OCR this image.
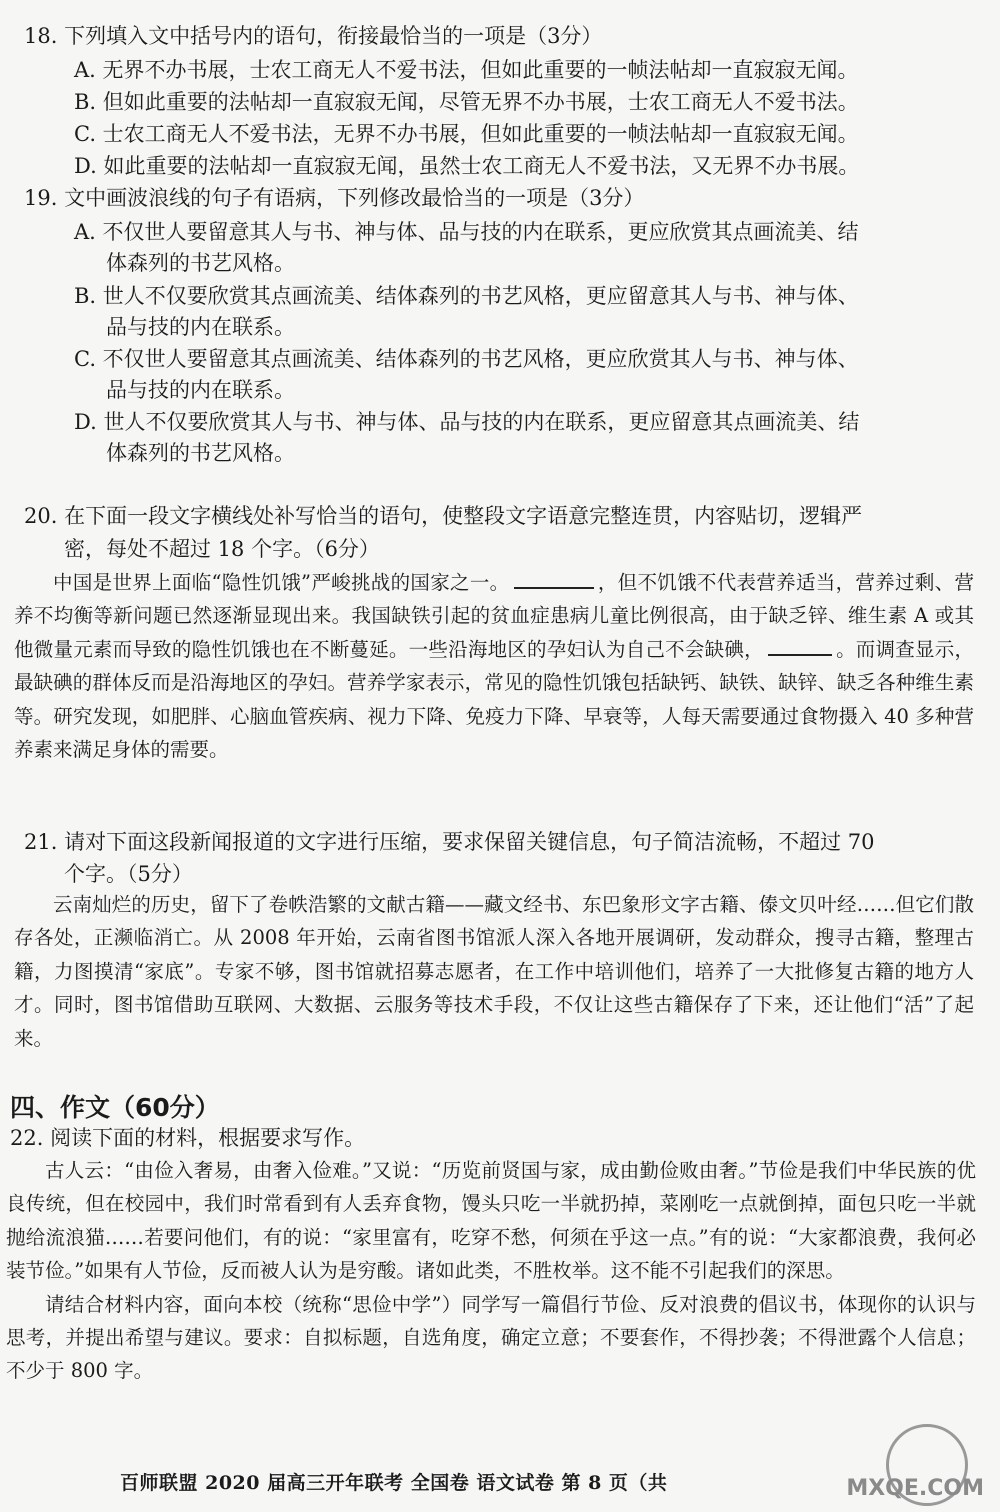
18. 下列填入文中括号内的语句，衔接最恰当的一项是（3分）
A. 无界不办书展，士农工商无人不爱书法，但如此重要的一帧法帖却一直寂寂无闻。
B. 但如此重要的法帖却一直寂寂无闻，尽管无界不办书展，士农工商无人不爱书法。
C. 士农工商无人不爱书法，无界不办书展，但如此重要的一帧法帖却一直寂寂无闻。
D. 如此重要的法帖却一直寂寂无闻，虽然士农工商无人不爱书法，又无界不办书展。
19. 文中画波浪线的句子有语病，下列修改最恰当的一项是（3分）
A. 不仅世人要留意其人与书、神与体、品与技的内在联系，更应欣赏其点画流美、结
体森列的书艺风格。
B. 世人不仅要欣赏其点画流美、结体森列的书艺风格，更应留意其人与书、神与体、
品与技的内在联系。
C. 不仅世人要留意其点画流美、结体森列的书艺风格，更应欣赏其人与书、神与体、
品与技的内在联系。
D. 世人不仅要欣赏其人与书、神与体、品与技的内在联系，更应留意其点画流美、结
体森列的书艺风格。
20. 在下面一段文字横线处补写恰当的语句，使整段文字语意完整连贯，内容贴切，逻辑严
密，每处不超过 18 个字。（6分）

中国是世界上面临“隐性饥饿”严峻挑战的国家之一。	，但不饥饿不代表营养适当，营养过剩、营养不均衡等新问题已然逐渐显现出来。我国缺铁引起的贫血症患病儿童比例很高，由于缺乏锌、维生素 A 或其他微量元素而导致的隐性饥饿也在不断蔓延。一些沿海地区的孕妇认为自己不会缺碘，	。而调查显示，最缺碘的群体反而是沿海地区的孕妇。营养学家表示，常见的隐性饥饿包括缺钙、缺铁、缺锌、缺乏各种维生素等。研究发现，如肥胖、心脑血管疾病、视力下降、免疫力下降、早衰等，人每天需要通过食物摄入 40 多种营养素来满足身体的需要。

21. 请对下面这段新闻报道的文字进行压缩，要求保留关键信息，句子简洁流畅，不超过 70
个字。（5分）

云南灿烂的历史，留下了卷帙浩繁的文献古籍——藏文经书、东巴象形文字古籍、傣文贝叶经……但它们散存各处，正濒临消亡。从 2008 年开始，云南省图书馆派人深入各地开展调研，发动群众，搜寻古籍，整理古籍，力图摸清“家底”。专家不够，图书馆就招募志愿者，在工作中培训他们，培养了一大批修复古籍的地方人才。同时，图书馆借助互联网、大数据、云服务等技术手段，不仅让这些古籍保存了下来，还让他们“活”了起来。

四、作文（60分）
22. 阅读下面的材料，根据要求写作。

古人云：“由俭入奢易，由奢入俭难。”又说：“历览前贤国与家，成由勤俭败由奢。”节俭是我们中华民族的优良传统，但在校园中，我们时常看到有人丢弃食物，馒头只吃一半就扔掉，菜刚吃一点就倒掉，面包只吃一半就抛给流浪猫……若要问他们，有的说：“家里富有，吃穿不愁，何须在乎这一点。”有的说：“大家都浪费，我何必装节俭。”如果有人节俭，反而被人认为是穷酸。诸如此类，不胜枚举。这不能不引起我们的深思。

请结合材料内容，面向本校（统称“思俭中学”）同学写一篇倡行节俭、反对浪费的倡议书，体现你的认识与思考，并提出希望与建议。要求：自拟标题，自选角度，确定立意；不要套作，不得抄袭；不得泄露个人信息；不少于 800 字。

百师联盟 2020 届高三开年联考 全国卷 语文试卷 第 8 页（共	MXQE.COM
